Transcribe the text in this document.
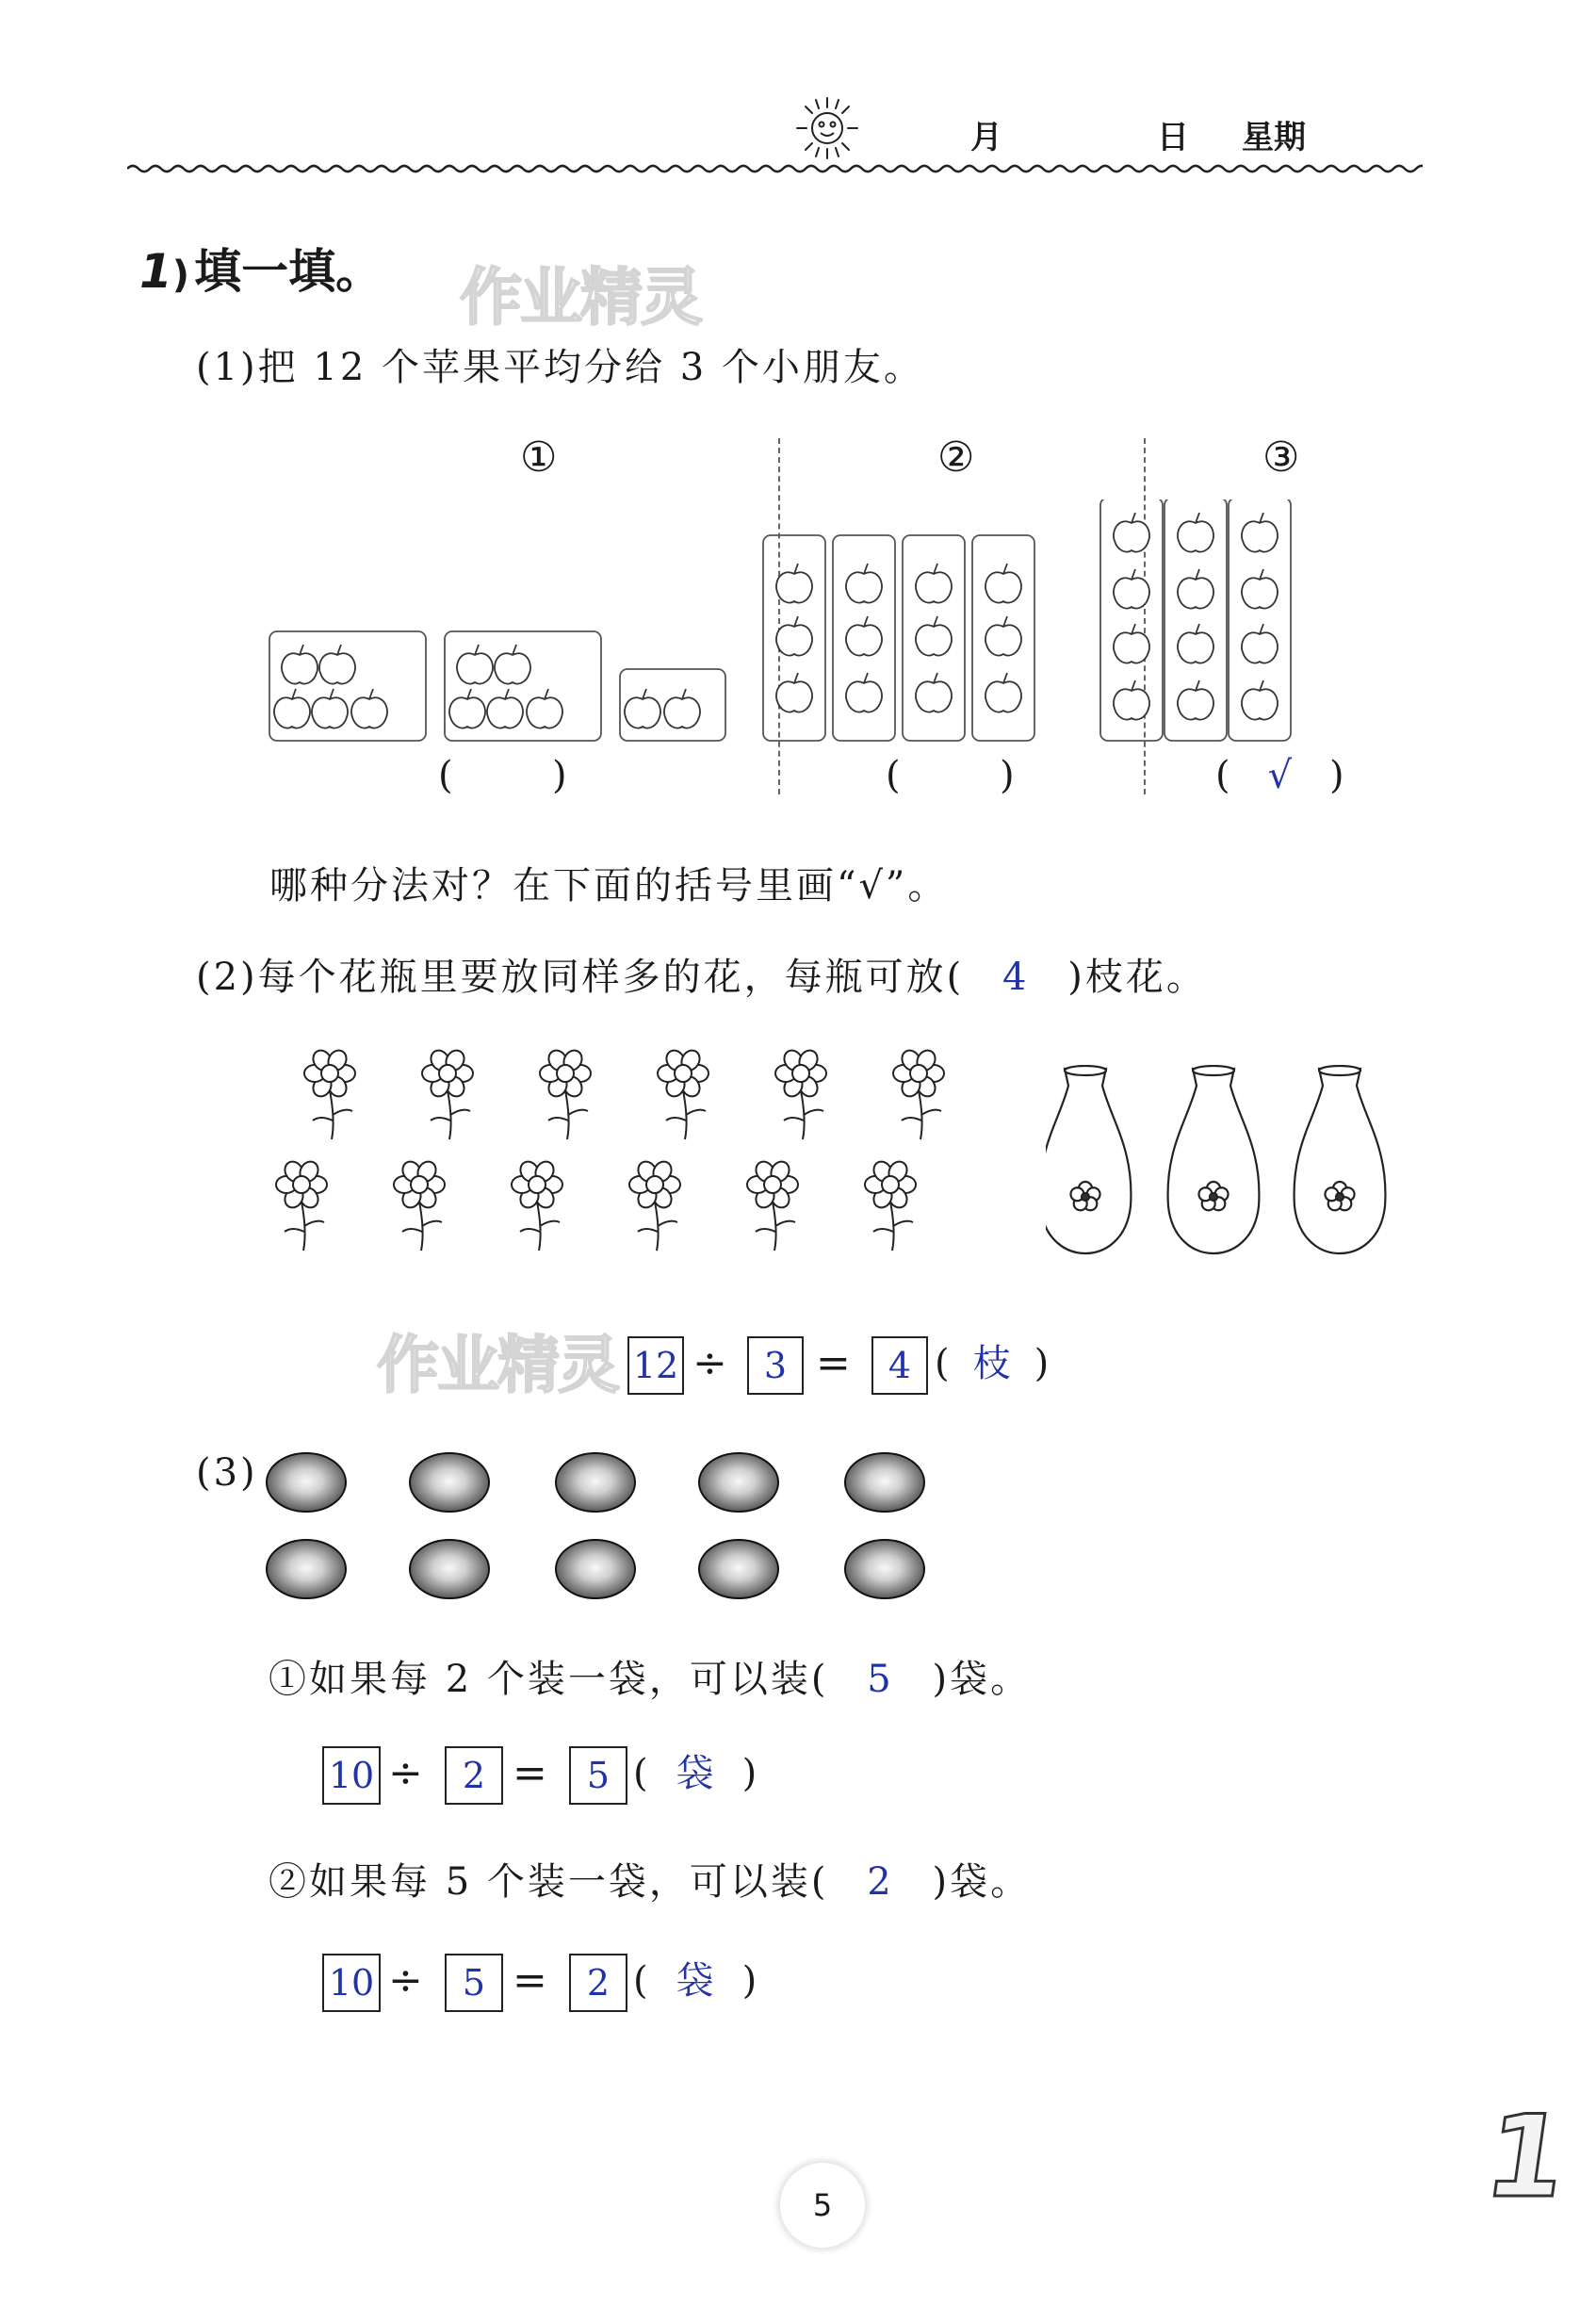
月	日 星期
1) 填一填。 作业精灵
(1)把 12 个苹果平均分给 3 个小朋友。
①	②	③
(  )	(  )	( √ )
哪种分法对？在下面的括号里画“√”。
(2)每个花瓶里要放同样多的花，每瓶可放( 4 )枝花。
作业精灵 12 ÷	3 =	4 ( 枝 )
(3)
①如果每 2 个装一袋，可以装( 5 )袋。
10 ÷	2 =	5 ( 袋 )
②如果每 5 个装一袋，可以装( 2 )袋。
10 ÷	5 =	2 ( 袋 )
5	1
